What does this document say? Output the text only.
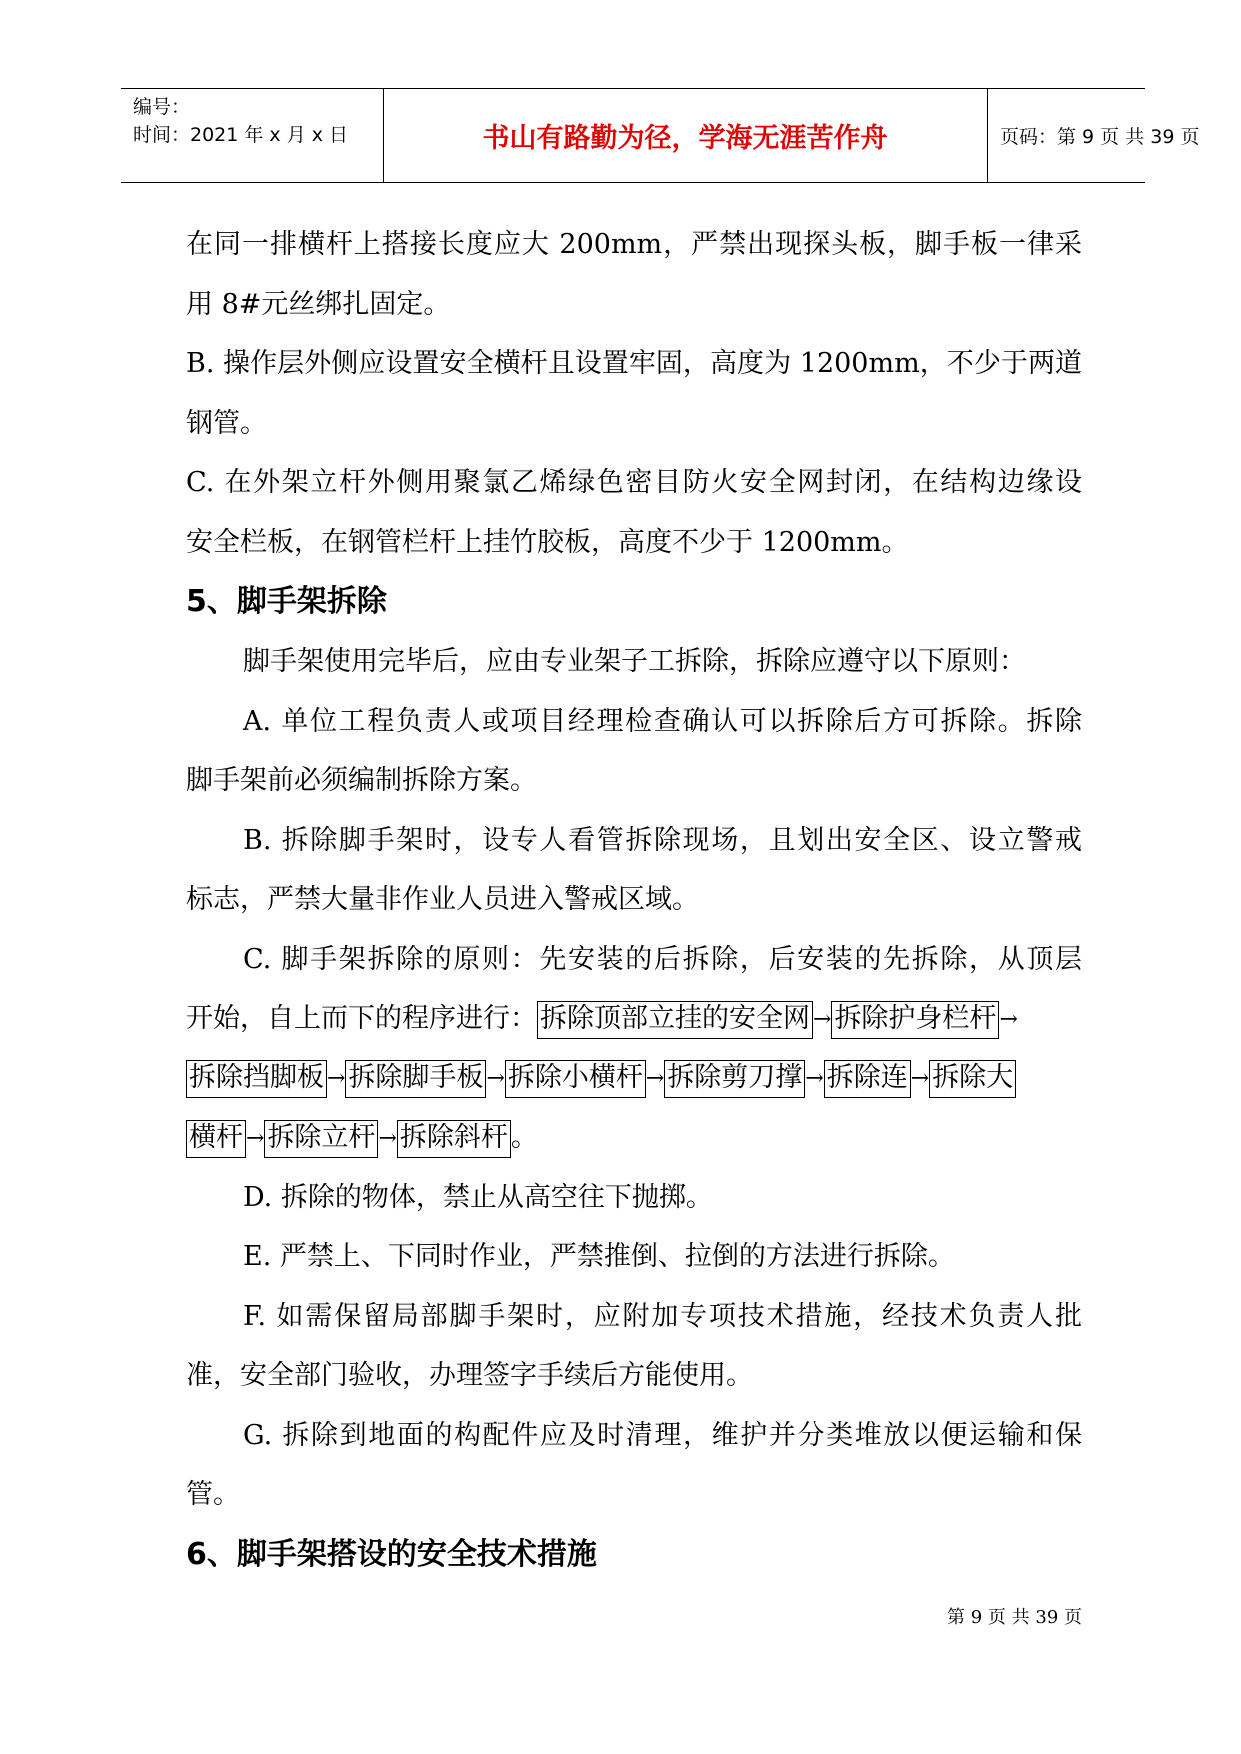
编号：
时间：2021 年 x 月 x 日	书山有路勤为径，学海无涯苦作舟	页码：第 9 页 共 39 页
在同一排横杆上搭接长度应大 200mm，严禁出现探头板，脚手板一律采
用 8#元丝绑扎固定。
B. 操作层外侧应设置安全横杆且设置牢固，高度为 1200mm，不少于两道
钢管。
C. 在外架立杆外侧用聚氯乙烯绿色密目防火安全网封闭，在结构边缘设
安全栏板，在钢管栏杆上挂竹胶板，高度不少于 1200mm。
5、脚手架拆除
脚手架使用完毕后，应由专业架子工拆除，拆除应遵守以下原则：
A. 单位工程负责人或项目经理检查确认可以拆除后方可拆除。拆除
脚手架前必须编制拆除方案。
B. 拆除脚手架时，设专人看管拆除现场，且划出安全区、设立警戒
标志，严禁大量非作业人员进入警戒区域。
C. 脚手架拆除的原则：先安装的后拆除，后安装的先拆除，从顶层
开始，自上而下的程序进行： 拆除顶部立挂的安全网 → 拆除护身栏杆 →
拆除挡脚板 → 拆除脚手板 → 拆除小横杆 → 拆除剪刀撑 → 拆除连 → 拆除大
横杆 → 拆除立杆 → 拆除斜杆 。
D. 拆除的物体，禁止从高空往下抛掷。
E. 严禁上、下同时作业，严禁推倒、拉倒的方法进行拆除。
F. 如需保留局部脚手架时，应附加专项技术措施，经技术负责人批
准，安全部门验收，办理签字手续后方能使用。
G. 拆除到地面的构配件应及时清理，维护并分类堆放以便运输和保
管。
6、脚手架搭设的安全技术措施
第 9 页 共 39 页
